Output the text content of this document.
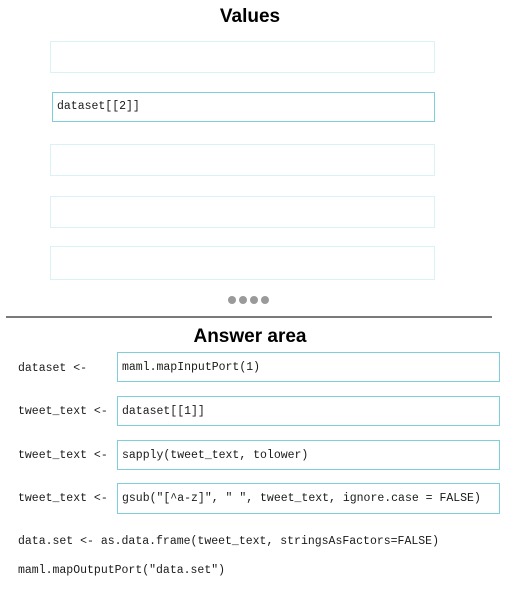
Values
dataset[[2]]
Answer area
dataset <-	maml.mapInputPort(1)
tweet_text <- dataset[[1]]
tweet_text <- sapply(tweet_text, tolower)
tweet_text <- gsub("[^a-z]", " ", tweet_text, ignore.case = FALSE)
data.set <- as.data.frame(tweet_text, stringsAsFactors=FALSE)
maml.mapOutputPort("data.set")
